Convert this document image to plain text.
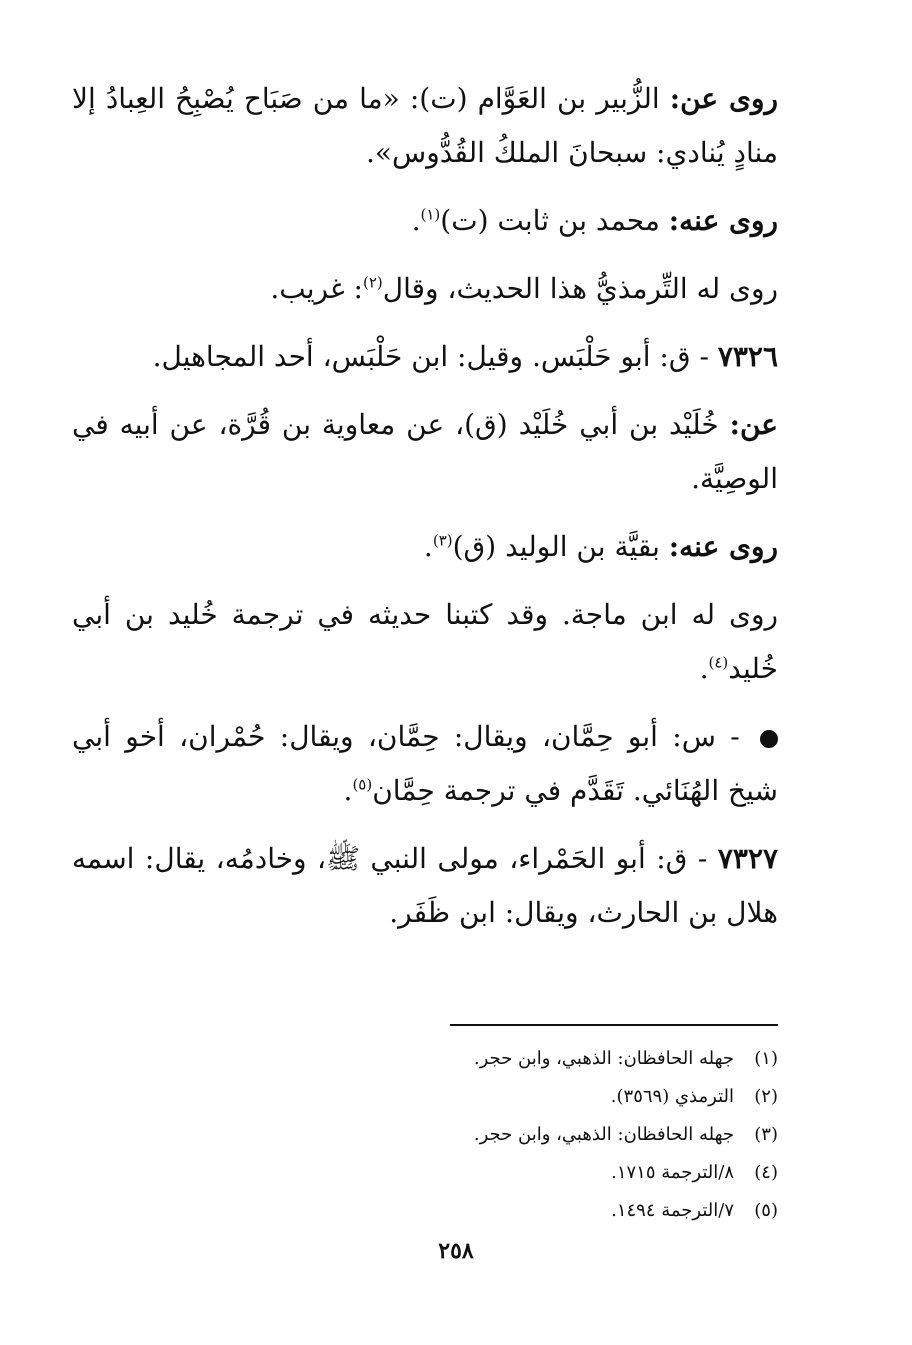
روى عن: الزُّبير بن العَوَّام (ت): «ما من صَبَاح يُصْبِحُ العِبادُ إلا منادٍ يُنادي: سبحانَ الملكُ القُدُّوس».

روى عنه: محمد بن ثابت (ت)$^{(١)}$.

روى له التِّرمذيُّ هذا الحديث، وقال$^{(٢)}$: غريب.

٧٣٢٦ - ق: أبو حَلْبَس. وقيل: ابن حَلْبَس، أحد المجاهيل.

عن: خُلَيْد بن أبي خُلَيْد (ق)، عن معاوية بن قُرَّة، عن أبيه في الوصِيَّة.

روى عنه: بقيَّة بن الوليد (ق)$^{(٣)}$.

روى له ابن ماجة. وقد كتبنا حديثه في ترجمة خُليد بن أبي خُليد$^{(٤)}$.

- س: أبو حِمَّان، ويقال: حِمَّان، ويقال: حُمْران، أخو أبي شيخ الهُنَائي. تَقَدَّم في ترجمة حِمَّان$^{(٥)}$.

٧٣٢٧ - ق: أبو الحَمْراء، مولى النبي ﷺ، وخادمُه، يقال: اسمه هلال بن الحارث، ويقال: ابن ظَفَر.

(١)جهله الحافظان: الذهبي، وابن حجر.
(٢)الترمذي (٣٥٦٩).
(٣)جهله الحافظان: الذهبي، وابن حجر.
(٤)٨/الترجمة ١٧١٥.
(٥)٧/الترجمة ١٤٩٤.
٢٥٨
